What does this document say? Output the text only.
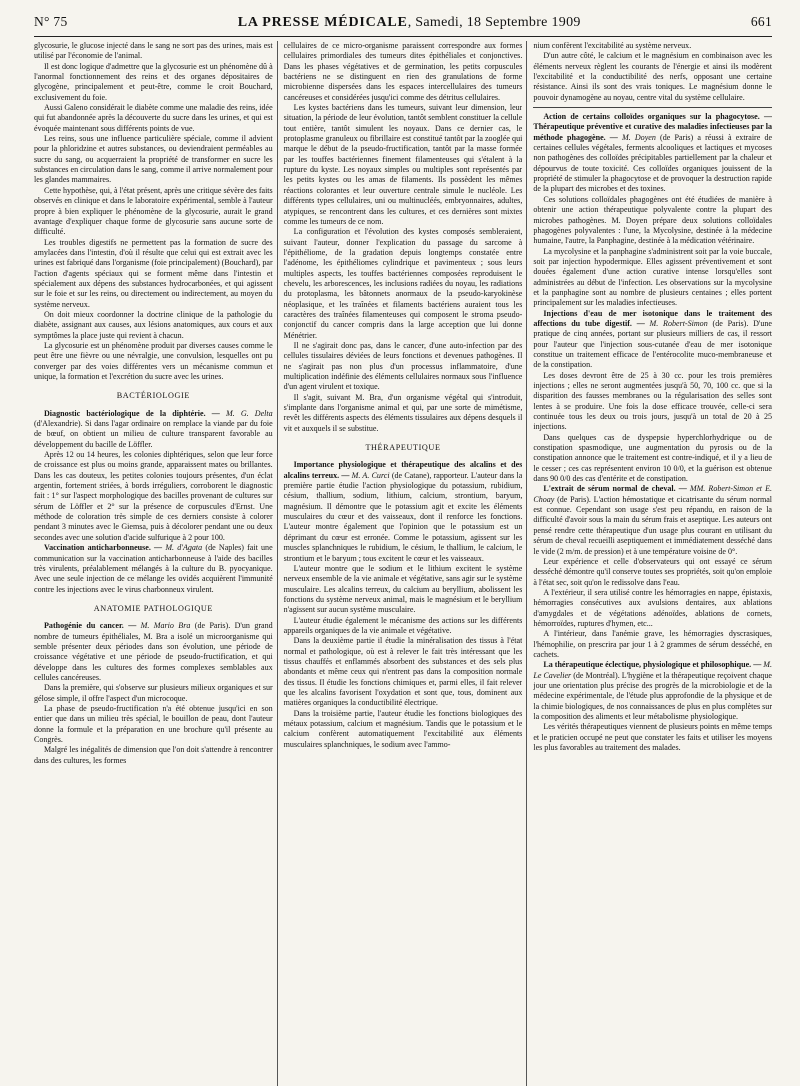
N° 75	LA PRESSE MÉDICALE, Samedi, 18 Septembre 1909	661

glycosurie, le glucose injecté dans le sang ne sort pas des urines, mais est utilisé par l'économie de l'animal.

Il est donc logique d'admettre que la glycosurie est un phénomène dû à l'anormal fonctionnement des reins et des organes dépositaires de glycogène, principalement et peut-être, comme le croit Bouchard, exclusivement du foie.

Aussi Galeno considérait le diabète comme une maladie des reins, idée qui fut abandonnée après la découverte du sucre dans les urines, et qui est évoquée maintenant sous différents points de vue.

Les reins, sous une influence particulière spéciale, comme il advient pour la phloridzine et autres substances, ou deviendraient perméables au sucre du sang, ou acquerraient la propriété de transformer en sucre les substances en circulation dans le sang, comme il arrive normalement pour les glandes mammaires.

Cette hypothèse, qui, à l'état présent, après une critique sévère des faits observés en clinique et dans le laboratoire expérimental, semble à l'auteur propre à bien expliquer le phénomène de la glycosurie, aurait le grand avantage d'expliquer chaque forme de glycosurie sans aucune sorte de difficulté.

Les troubles digestifs ne permettent pas la formation de sucre des amylacées dans l'intestin, d'où il résulte que celui qui est extrait avec les urines est fabriqué dans l'organisme (foie principalement) (Bouchard), par l'action d'agents spéciaux qui se forment même dans l'intestin et spécialement aux dépens des substances hydrocarbonées, et qui agissent sur le foie et sur les reins, ou directement ou indirectement, au moyen du système nerveux.

On doit mieux coordonner la doctrine clinique de la pathologie du diabète, assignant aux causes, aux lésions anatomiques, aux cours et aux symptômes la place juste qui revient à chacun.

La glycosurie est un phénomène produit par diverses causes comme le peut être une fièvre ou une névralgie, une convulsion, lesquelles ont pu converger par des voies différentes vers un mécanisme commun et unique, la formation et l'excrétion du sucre avec les urines.

BACTÉRIOLOGIE

Diagnostic bactériologique de la diphtérie. — M. G. Delta (d'Alexandrie). Si dans l'agar ordinaire on remplace la viande par du foie de bœuf, on obtient un milieu de culture transparent favorable au développement du bacille de Löffler.

Après 12 ou 14 heures, les colonies diphtériques, selon que leur force de croissance est plus ou moins grande, apparaissent mates ou brillantes. Dans les cas douteux, les petites colonies toujours présentes, d'un éclat argentin, fortement striées, à bords irréguliers, corroborent le diagnostic fait : 1° sur l'aspect morphologique des bacilles provenant de cultures sur sérum de Löffler et 2° sur la présence de corpuscules d'Ernst. Une méthode de coloration très simple de ces derniers consiste à colorer pendant 3 minutes avec le Giemsa, puis à décolorer pendant une ou deux secondes avec une solution d'acide sulfurique à 2 pour 100.

Vaccination anticharbonneuse. — M. d'Agata (de Naples) fait une communication sur la vaccination anticharbonneuse à l'aide des bacilles très virulents, préalablement mélangés à la culture du B. pyocyanique. Avec une seule injection de ce mélange les ovidés acquièrent l'immunité contre les injections avec le virus charbonneux virulent.

ANATOMIE PATHOLOGIQUE

Pathogénie du cancer. — M. Mario Bra (de Paris). D'un grand nombre de tumeurs épithéliales, M. Bra a isolé un microorganisme qui semble présenter deux périodes dans son évolution, une période de croissance végétative et une période de pseudo-fructification, et qui développe dans les cultures des formes complexes semblables aux cellules cancéreuses.

Dans la première, qui s'observe sur plusieurs milieux organiques et sur gélose simple, il offre l'aspect d'un microcoque.

La phase de pseudo-fructification n'a été obtenue jusqu'ici en son entier que dans un milieu très spécial, le bouillon de peau, dont l'auteur donne la formule et la préparation en une brochure qu'il présente au Congrès.

Malgré les inégalités de dimension que l'on doit s'attendre à rencontrer dans des cultures, les formes

cellulaires de ce micro-organisme paraissent correspondre aux formes cellulaires primordiales des tumeurs dites épithéliales et conjonctives. Dans les phases végétatives et de germination, les petits corpuscules bactériens ne se distinguent en rien des granulations de forme microbienne dispersées dans les espaces intercellulaires des tumeurs cancéreuses et considérées jusqu'ici comme des détritus cellulaires.

Les kystes bactériens dans les tumeurs, suivant leur dimension, leur situation, la période de leur évolution, tantôt semblent constituer la cellule tout entière, tantôt simulent les noyaux. Dans ce dernier cas, le protoplasme granuleux ou fibrillaire est constitué tantôt par la zooglée qui marque le début de la pseudo-fructification, tantôt par la masse formée par les touffes bactériennes finement filamenteuses qui s'étalent à la rupture du kyste. Les noyaux simples ou multiples sont représentés par les petits kystes ou les amas de filaments. Ils possèdent les mêmes réactions colorantes et leur ouverture centrale simule le nucléole. Les différents types cellulaires, uni ou multinucléés, embryonnaires, adultes, atypiques, se rencontrent dans les cultures, et ces dernières sont mixtes comme les tumeurs de ce nom.

La configuration et l'évolution des kystes composés sembleraient, suivant l'auteur, donner l'explication du passage du sarcome à l'épithéliome, de la gradation depuis longtemps constatée entre l'adénome, les épithéliomes cylindrique et pavimenteux ; sous leurs multiples aspects, les touffes bactériennes composées reproduisent le chevelu, les arborescences, les inclusions radiées du noyau, les radiations du protoplasma, les bâtonnets anormaux de la pseudo-karyokinèse néoplasique, et les traînées et filaments bactériens auraient tous les caractères des traînées filamenteuses qui composent le stroma pseudo-conjonctif du cancer compris dans la large acception que lui donne Ménétrier.

Il ne s'agirait donc pas, dans le cancer, d'une auto-infection par des cellules tissulaires déviées de leurs fonctions et devenues pathogènes. Il ne s'agirait pas non plus d'un processus inflammatoire, d'une multiplication indéfinie des éléments cellulaires normaux sous l'influence d'un agent virulent et toxique.

Il s'agit, suivant M. Bra, d'un organisme végétal qui s'introduit, s'implante dans l'organisme animal et qui, par une sorte de mimétisme, revêt les différents aspects des éléments tissulaires aux dépens desquels il vit et auxquels il se substitue.

THÉRAPEUTIQUE

Importance physiologique et thérapeutique des alcalins et des alcalins terreux. — M. A. Curci (de Catane), rapporteur. L'auteur dans la première partie étudie l'action physiologique du potassium, rubidium, césium, thallium, sodium, lithium, calcium, strontium, baryum, magnésium. Il démontre que le potassium agit et excite les éléments musculaires du cœur et des vaisseaux, dont il renforce les fonctions. L'auteur montre également que l'opinion que le potassium est un déprimant du cœur est erronée. Comme le potassium, agissent sur les muscles splanchniques le rubidium, le césium, le thallium, le calcium, le strontium et le baryum ; tous excitent le cœur et les vaisseaux.

L'auteur montre que le sodium et le lithium excitent le système nerveux ensemble de la vie animale et végétative, sans agir sur le système musculaire. Les alcalins terreux, du calcium au beryllium, abolissent les fonctions du système nerveux animal, mais le magnésium et le beryllium n'agissent sur aucun système musculaire.

L'auteur étudie également le mécanisme des actions sur les différents appareils organiques de la vie animale et végétative.

Dans la deuxième partie il étudie la minéralisation des tissus à l'état normal et pathologique, où est à relever le fait très intéressant que les tissus chauffés et enflammés absorbent des substances et des sels plus abondants et même ceux qui n'entrent pas dans la composition normale des tissus. Il étudie les fonctions chimiques et, parmi elles, il fait relever que les alcalins favorisent l'oxydation et sont que, tous, dominent aux matières organiques la conductibilité électrique.

Dans la troisième partie, l'auteur étudie les fonctions biologiques des métaux potassium, calcium et magnésium. Tandis que le potassium et le calcium confèrent automatiquement l'excitabilité aux éléments musculaires splanchniques, le sodium avec l'ammo-

nium confèrent l'excitabilité au système nerveux.

D'un autre côté, le calcium et le magnésium en combinaison avec les éléments nerveux règlent les courants de l'énergie et ainsi ils modèrent l'excitabilité et la conductibilité des nerfs, opposant une certaine résistance. Ainsi ils sont des vrais toniques. Le magnésium donne le pouvoir dynamogène au noyau, centre vital du système cellulaire.

Action de certains colloïdes organiques sur la phagocytose. — Thérapeutique préventive et curative des maladies infectieuses par la méthode phagogène. — M. Doyen (de Paris) a réussi à extraire de certaines cellules végétales, ferments alcooliques et lactiques et mycoses non pathogènes des colloïdes précipitables partiellement par la chaleur et dépourvus de toute toxicité. Ces colloïdes organiques jouissent de la propriété de stimuler la phagocytose et de provoquer la destruction rapide de la plupart des microbes et des toxines.

Ces solutions colloïdales phagogènes ont été étudiées de manière à obtenir une action thérapeutique polyvalente contre la plupart des microbes pathogènes. M. Doyen prépare deux solutions colloïdales phagogènes polyvalentes : l'une, la Mycolysine, destinée à la médecine humaine, l'autre, la Panphagine, destinée à la médication vétérinaire.

La mycolysine et la panphagine s'administrent soit par la voie buccale, soit par injection hypodermique. Elles agissent préventivement et sont douées également d'une action curative intense lorsqu'elles sont administrées au début de l'infection. Les observations sur la mycolysine et la panphagine sont au nombre de plusieurs centaines ; elles portent principalement sur les maladies infectieuses.

Injections d'eau de mer isotonique dans le traitement des affections du tube digestif. — M. Robert-Simon (de Paris). D'une pratique de cinq années, portant sur plusieurs milliers de cas, il ressort pour l'auteur que l'injection sous-cutanée d'eau de mer isotonique constitue un traitement efficace de l'entérocolite muco-membraneuse et de la constipation.

Les doses devront être de 25 à 30 cc. pour les trois premières injections ; elles ne seront augmentées jusqu'à 50, 70, 100 cc. que si la disparition des fausses membranes ou la régularisation des selles sont lentes à se produire. Une fois la dose efficace trouvée, celle-ci sera continuée tous les deux ou trois jours, jusqu'à un total de 20 à 25 injections.

Dans quelques cas de dyspepsie hyperchlorhydrique ou de constipation spasmodique, une augmentation du pyrosis ou de la constipation annonce que le traitement est contre-indiqué, et il y a lieu de le cesser ; ces cas représentent environ 10 0/0, et la guérison est obtenue dans 90 0/0 des cas d'entérite et de constipation.

L'extrait de sérum normal de cheval. — MM. Robert-Simon et E. Choay (de Paris). L'action hémostatique et cicatrisante du sérum normal est connue. Cependant son usage s'est peu répandu, en raison de la difficulté d'avoir sous la main du sérum frais et aseptique. Les auteurs ont pensé rendre cette thérapeutique d'un usage plus courant en utilisant du sérum de cheval recueilli aseptiquement et immédiatement desséché dans le vide (2 m/m. de pression) et à une température voisine de 0°.

Leur expérience et celle d'observateurs qui ont essayé ce sérum desséché démontre qu'il conserve toutes ses propriétés, soit qu'on emploie à l'état sec, soit qu'on le redissolve dans l'eau.

A l'extérieur, il sera utilisé contre les hémorragies en nappe, épistaxis, hémorragies consécutives aux avulsions dentaires, aux ablations d'amygdales et de végétations adénoïdes, ablations de cornets, hémorroïdes, ruptures d'hymen, etc...

A l'intérieur, dans l'anémie grave, les hémorragies dyscrasiques, l'hémophilie, on prescrira par jour 1 à 2 grammes de sérum desséché, en cachets.

La thérapeutique éclectique, physiologique et philosophique. — M. Le Cavelier (de Montréal). L'hygiène et la thérapeutique reçoivent chaque jour une orientation plus précise des progrès de la microbiologie et de la médecine expérimentale, de l'étude plus approfondie de la physique et de la chimie biologiques, de nos connaissances de plus en plus complètes sur la composition des aliments et leur métabolisme physiologique.

Les vérités thérapeutiques viennent de plusieurs points en même temps et le praticien occupé ne peut que constater les faits et utiliser les moyens les plus favorables au traitement des malades.
